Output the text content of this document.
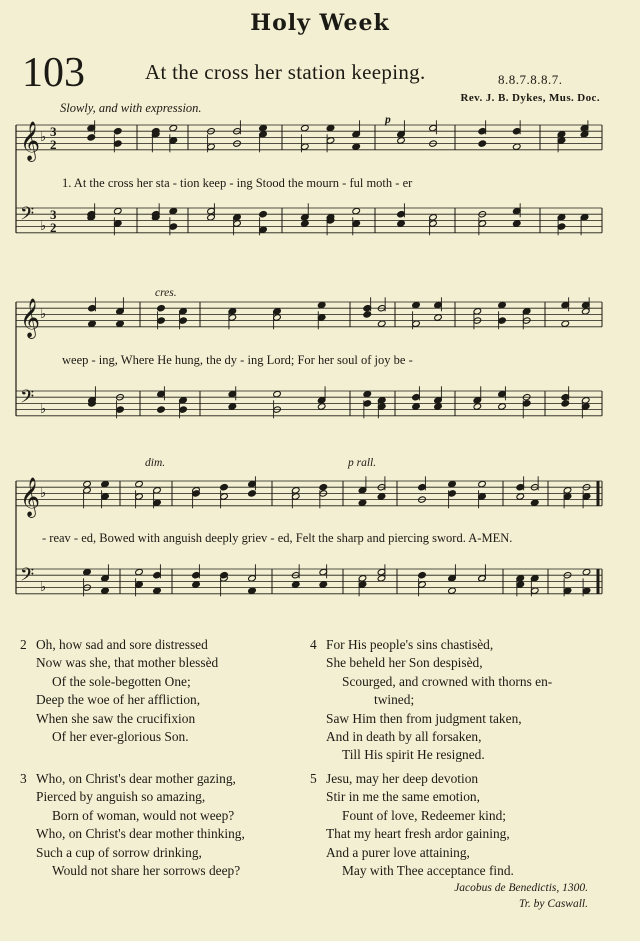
Holy Week
103	At the cross her station keeping.	8.8.7.8.8.7.
Slowly, and with expression.
Rev. J. B. Dykes, Mus. Doc.
𝄞 ♭ 3
2
𝄢 ♭
3
2
𝄞 ♭
𝄢 ♭
𝄞 ♭
𝄢 ♭
1. At the cross her sta - tion keep - ing Stood the mourn - ful moth - er
weep - ing, Where He hung, the dy - ing Lord; For her soul of joy be -
- reav - ed, Bowed with anguish deeply griev - ed, Felt the sharp and piercing sword. A-MEN.
p
cres.
dim.	p rall.
2 Oh, how sad and sore distressed
Now was she, that mother blessèd
Of the sole-begotten One;
Deep the woe of her affliction,
When she saw the crucifixion
Of her ever-glorious Son.
3 Who, on Christ's dear mother gazing,
Pierced by anguish so amazing,
Born of woman, would not weep?
Who, on Christ's dear mother thinking,
Such a cup of sorrow drinking,
Would not share her sorrows deep?
4 For His people's sins chastisèd,
She beheld her Son despisèd,
Scourged, and crowned with thorns en-
twined;
Saw Him then from judgment taken,
And in death by all forsaken,
Till His spirit He resigned.
5 Jesu, may her deep devotion
Stir in me the same emotion,
Fount of love, Redeemer kind;
That my heart fresh ardor gaining,
And a purer love attaining,
May with Thee acceptance find.
Jacobus de Benedictis, 1300.
Tr. by Caswall.
